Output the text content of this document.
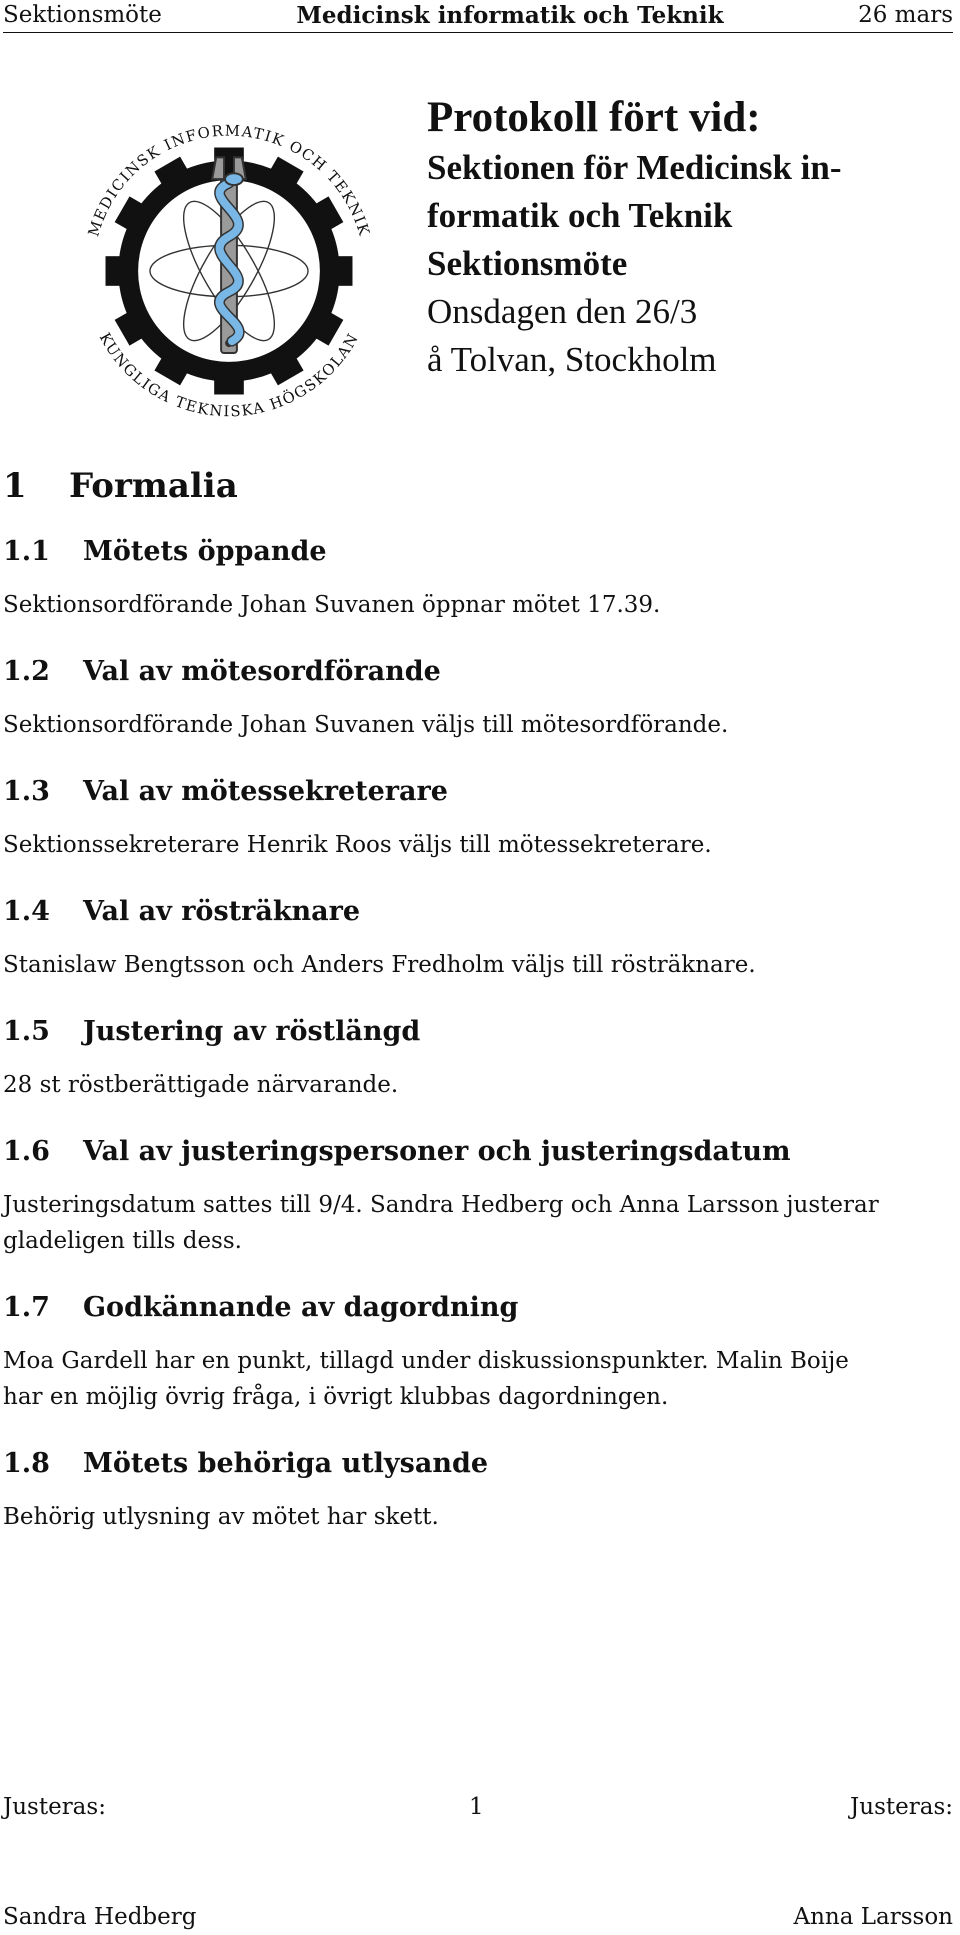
Sektionsmöte	Medicinsk informatik och Teknik	26 mars
MEDICINSK INFORMATIK OCH TEKNIK
KUNGLIGA TEKNISKA HÖGSKOLAN

Protokoll fört vid:

Sektionen för Medicinsk in-

formatik och Teknik

Sektionsmöte

Onsdagen den 26/3

å Tolvan, Stockholm

1 Formalia
1.1	Mötets öppande

Sektionsordförande Johan Suvanen öppnar mötet 17.39.

1.2	Val av mötesordförande

Sektionsordförande Johan Suvanen väljs till mötesordförande.

1.3	Val av mötessekreterare

Sektionssekreterare Henrik Roos väljs till mötessekreterare.

1.4	Val av rösträknare

Stanislaw Bengtsson och Anders Fredholm väljs till rösträknare.

1.5	Justering av röstlängd

28 st röstberättigade närvarande.

1.6	Val av justeringspersoner och justeringsdatum

Justeringsdatum sattes till 9/4. Sandra Hedberg och Anna Larsson justerar
gladeligen tills dess.

1.7	Godkännande av dagordning

Moa Gardell har en punkt, tillagd under diskussionspunkter. Malin Boije
har en möjlig övrig fråga, i övrigt klubbas dagordningen.

1.8	Mötets behöriga utlysande

Behörig utlysning av mötet har skett.

Justeras:	1	Justeras:
Sandra Hedberg	Anna Larsson
